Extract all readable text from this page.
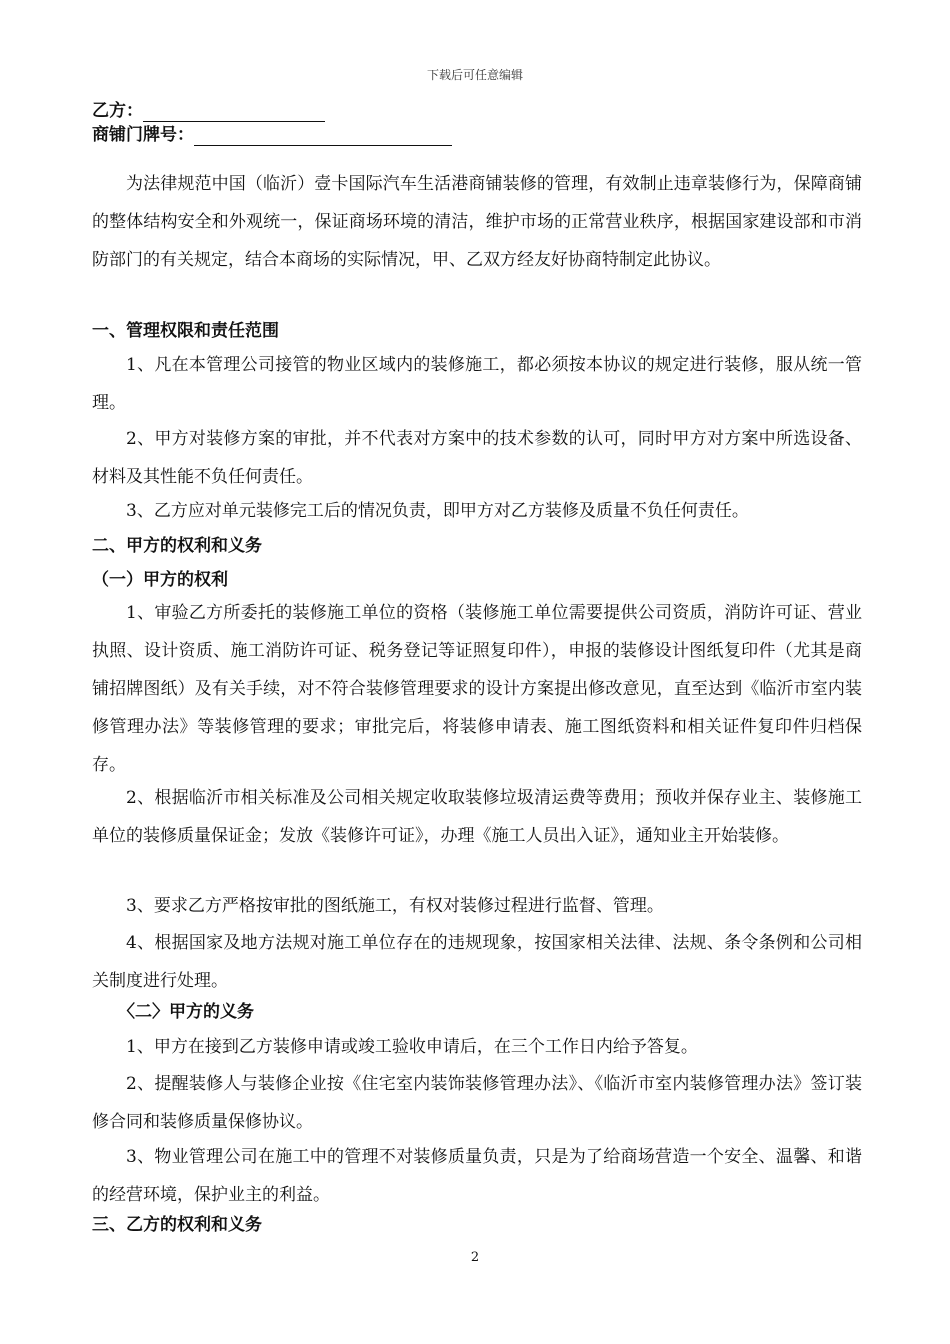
下载后可任意编辑
乙方：
商铺门牌号：
为法律规范中国（临沂）壹卡国际汽车生活港商铺装修的管理，有效制止违章装修行为，保障商铺的整体结构安全和外观统一，保证商场环境的清洁，维护市场的正常营业秩序，根据国家建设部和市消防部门的有关规定，结合本商场的实际情况，甲、乙双方经友好协商特制定此协议。
一、管理权限和责任范围
1、凡在本管理公司接管的物业区域内的装修施工，都必须按本协议的规定进行装修，服从统一管理。
2、甲方对装修方案的审批，并不代表对方案中的技术参数的认可，同时甲方对方案中所选设备、材料及其性能不负任何责任。
3、乙方应对单元装修完工后的情况负责，即甲方对乙方装修及质量不负任何责任。
二、甲方的权利和义务
（一）甲方的权利
1、审验乙方所委托的装修施工单位的资格（装修施工单位需要提供公司资质，消防许可证、营业执照、设计资质、施工消防许可证、税务登记等证照复印件），申报的装修设计图纸复印件（尤其是商铺招牌图纸）及有关手续，对不符合装修管理要求的设计方案提出修改意见，直至达到《临沂市室内装修管理办法》等装修管理的要求；审批完后，将装修申请表、施工图纸资料和相关证件复印件归档保存。
2、根据临沂市相关标准及公司相关规定收取装修垃圾清运费等费用；预收并保存业主、装修施工单位的装修质量保证金；发放《装修许可证》，办理《施工人员出入证》，通知业主开始装修。
3、要求乙方严格按审批的图纸施工，有权对装修过程进行监督、管理。
4、根据国家及地方法规对施工单位存在的违规现象，按国家相关法律、法规、条令条例和公司相关制度进行处理。
〈二〉甲方的义务
1、甲方在接到乙方装修申请或竣工验收申请后，在三个工作日内给予答复。
2、提醒装修人与装修企业按《住宅室内装饰装修管理办法》、《临沂市室内装修管理办法》签订装修合同和装修质量保修协议。
3、物业管理公司在施工中的管理不对装修质量负责，只是为了给商场营造一个安全、温馨、和谐的经营环境，保护业主的利益。
三、乙方的权利和义务
2
